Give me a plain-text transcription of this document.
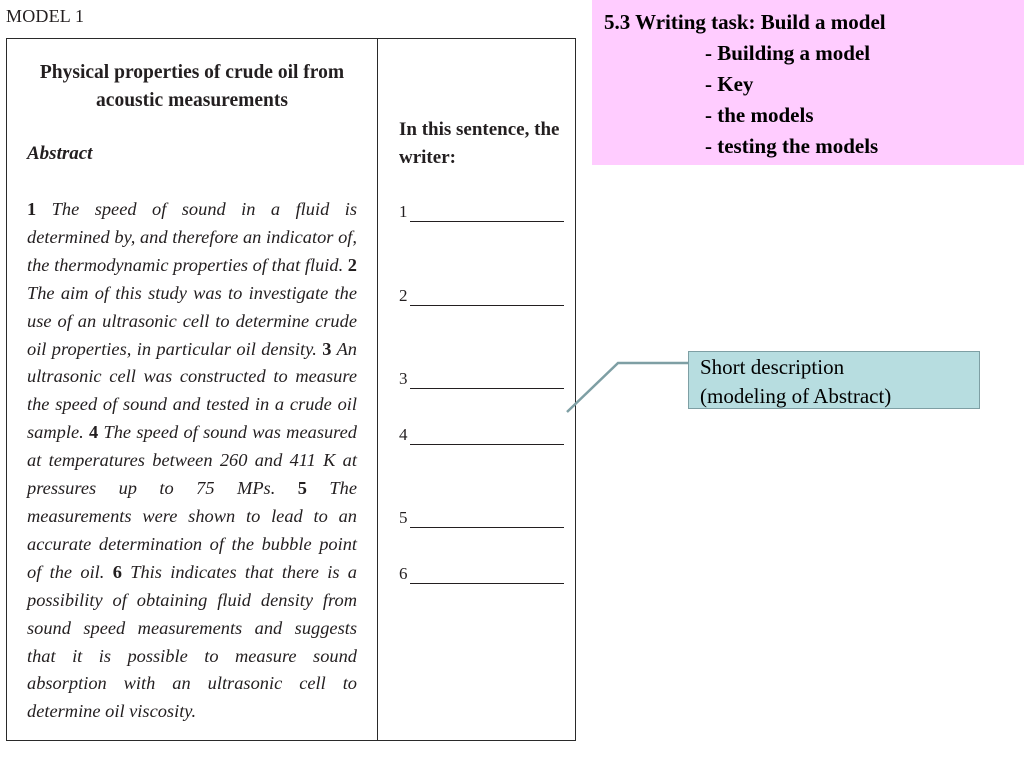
MODEL 1

Physical properties of crude oil from acoustic measurements

Abstract

1 The speed of sound in a fluid is determined by, and therefore an indicator of, the thermodynamic properties of that fluid. 2 The aim of this study was to investigate the use of an ultrasonic cell to determine crude oil properties, in particular oil density. 3 An ultrasonic cell was constructed to measure the speed of sound and tested in a crude oil sample. 4 The speed of sound was measured at temperatures between 260 and 411 K at pressures up to 75 MPs. 5 The measurements were shown to lead to an accurate determination of the bubble point of the oil. 6 This indicates that there is a possibility of obtaining fluid density from sound speed measurements and suggests that it is possible to measure sound absorption with an ultrasonic cell to determine oil viscosity.

In this sentence, the writer:
1
2
3
4
5
6

5.3 Writing task: Build a model

- Building a model

- Key

- the models

- testing the models

Short description
(modeling of Abstract)
